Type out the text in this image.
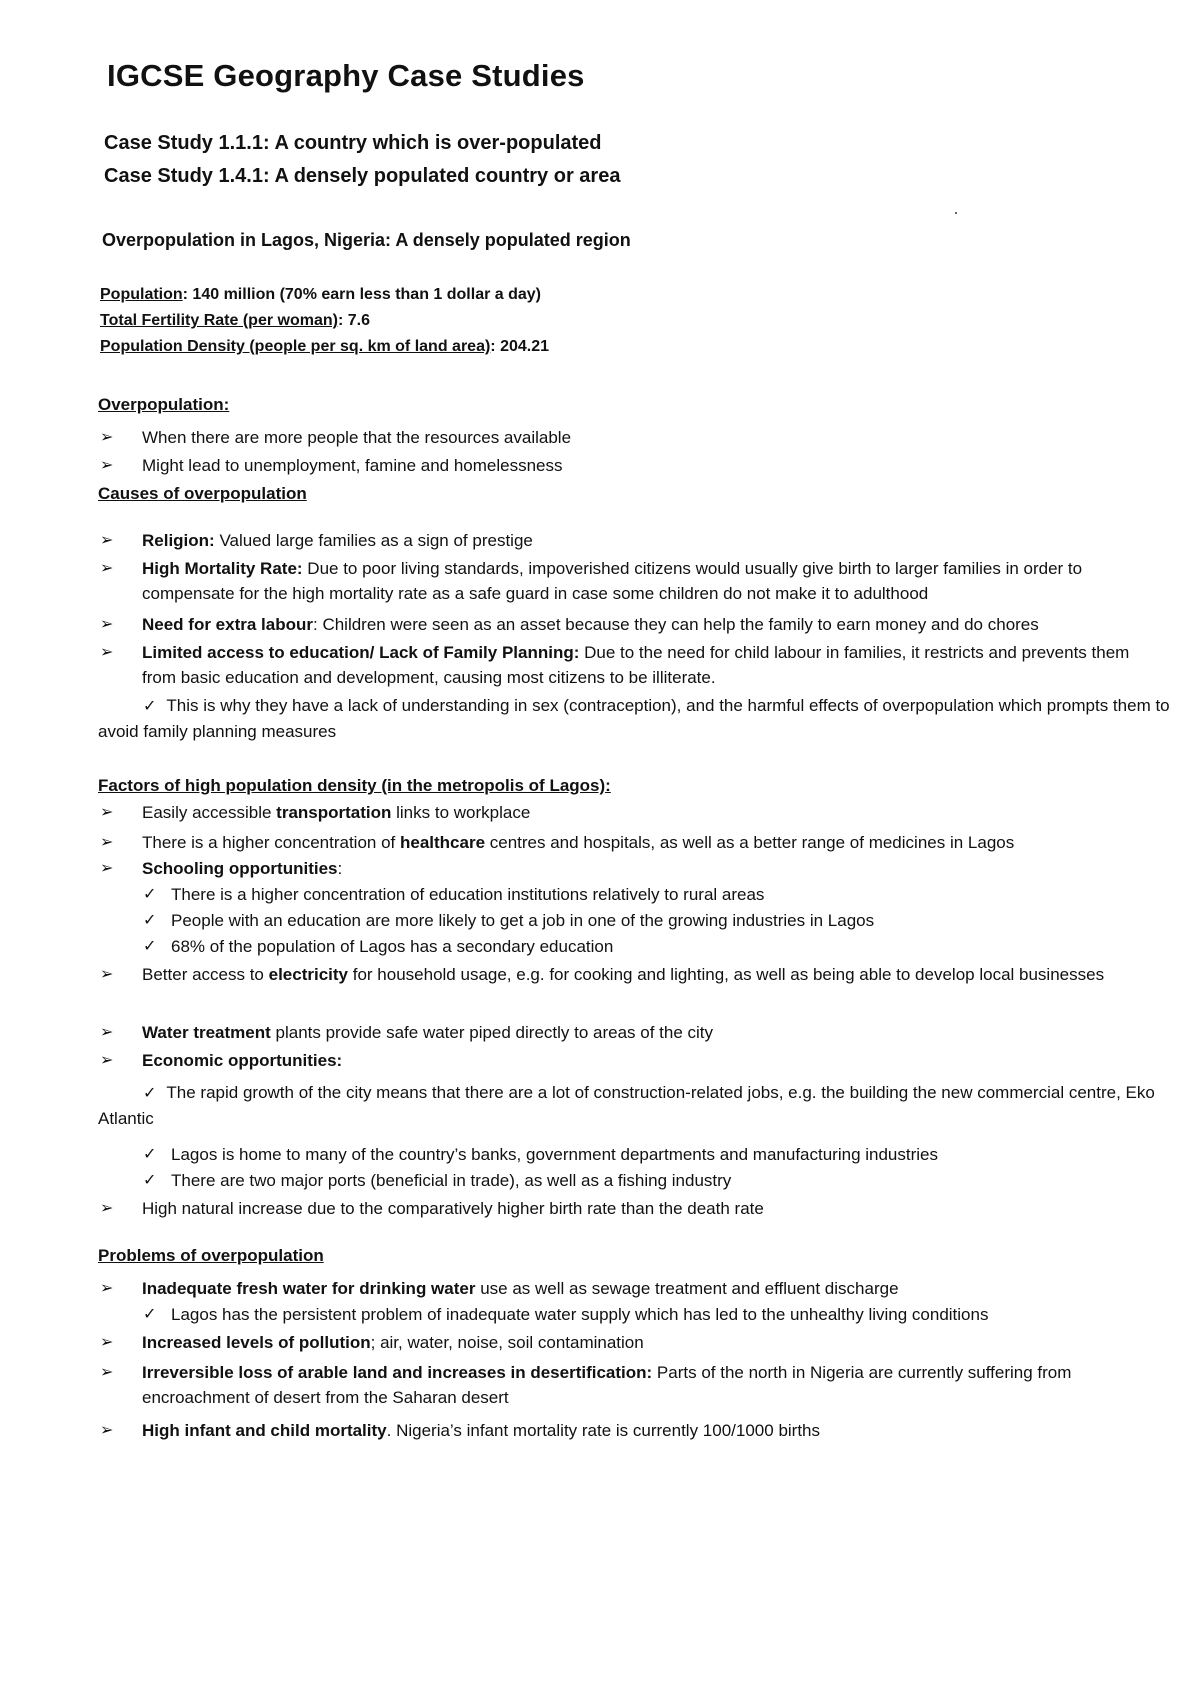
IGCSE Geography Case Studies
Case Study 1.1.1: A country which is over-populated
Case Study 1.4.1: A densely populated country or area
Overpopulation in Lagos, Nigeria: A densely populated region
Population: 140 million (70% earn less than 1 dollar a day)
Total Fertility Rate (per woman): 7.6
Population Density (people per sq. km of land area): 204.21
Overpopulation:
➢	When there are more people that the resources available
➢	Might lead to unemployment, famine and homelessness
Causes of overpopulation
➢	Religion: Valued large families as a sign of prestige
➢	High Mortality Rate: Due to poor living standards, impoverished citizens would usually give birth to larger families in order to compensate for the high mortality rate as a safe guard in case some children do not make it to adulthood
➢	Need for extra labour: Children were seen as an asset because they can help the family to earn money and do chores
➢	Limited access to education/ Lack of Family Planning: Due to the need for child labour in families, it restricts and prevents them from basic education and development, causing most citizens to be illiterate.
✓ This is why they have a lack of understanding in sex (contraception), and the harmful effects of overpopulation which prompts them to avoid family planning measures
Factors of high population density (in the metropolis of Lagos):
➢	Easily accessible transportation links to workplace
➢	There is a higher concentration of healthcare centres and hospitals, as well as a better range of medicines in Lagos
➢	Schooling opportunities:
✓ There is a higher concentration of education institutions relatively to rural areas
✓ People with an education are more likely to get a job in one of the growing industries in Lagos
✓ 68% of the population of Lagos has a secondary education
➢	Better access to electricity for household usage, e.g. for cooking and lighting, as well as being able to develop local businesses
➢	Water treatment plants provide safe water piped directly to areas of the city
➢	Economic opportunities:
✓ The rapid growth of the city means that there are a lot of construction-related jobs, e.g. the building the new commercial centre, Eko Atlantic
✓ Lagos is home to many of the country’s banks, government departments and manufacturing industries
✓ There are two major ports (beneficial in trade), as well as a fishing industry
➢	High natural increase due to the comparatively higher birth rate than the death rate
Problems of overpopulation
➢	Inadequate fresh water for drinking water use as well as sewage treatment and effluent discharge
✓ Lagos has the persistent problem of inadequate water supply which has led to the unhealthy living conditions
➢	Increased levels of pollution; air, water, noise, soil contamination
➢	Irreversible loss of arable land and increases in desertification: Parts of the north in Nigeria are currently suffering from encroachment of desert from the Saharan desert
➢	High infant and child mortality. Nigeria’s infant mortality rate is currently 100/1000 births
